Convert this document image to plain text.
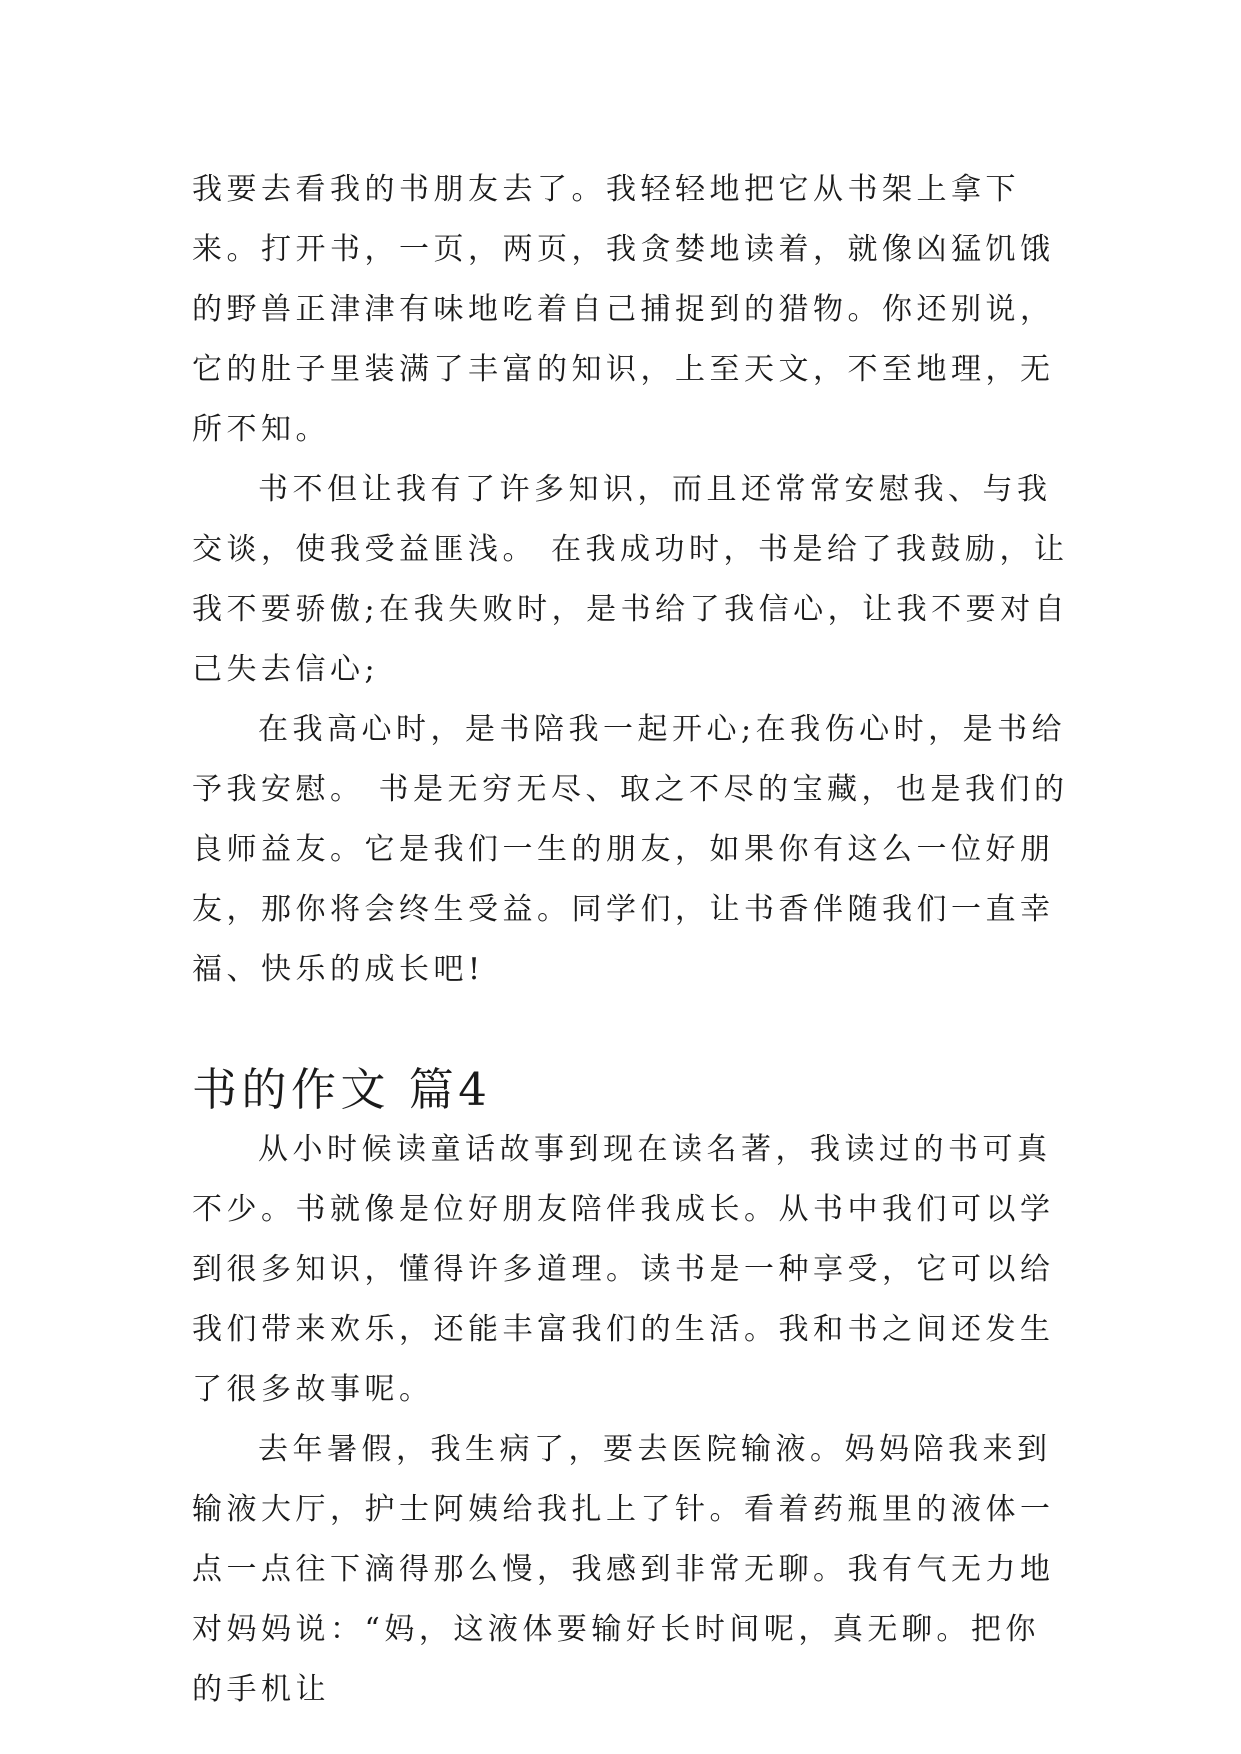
我要去看我的书朋友去了。我轻轻地把它从书架上拿下来。打开书，一页，两页，我贪婪地读着，就像凶猛饥饿的野兽正津津有味地吃着自己捕捉到的猎物。你还别说，它的肚子里装满了丰富的知识，上至天文，不至地理，无所不知。

书不但让我有了许多知识，而且还常常安慰我、与我交谈，使我受益匪浅。 在我成功时，书是给了我鼓励，让我不要骄傲;在我失败时，是书给了我信心，让我不要对自己失去信心;

在我高心时，是书陪我一起开心;在我伤心时，是书给予我安慰。 书是无穷无尽、取之不尽的宝藏，也是我们的良师益友。它是我们一生的朋友，如果你有这么一位好朋友，那你将会终生受益。同学们，让书香伴随我们一直幸福、快乐的成长吧!

书的作文 篇4

从小时候读童话故事到现在读名著，我读过的书可真不少。书就像是位好朋友陪伴我成长。从书中我们可以学到很多知识，懂得许多道理。读书是一种享受，它可以给我们带来欢乐，还能丰富我们的生活。我和书之间还发生了很多故事呢。

去年暑假，我生病了，要去医院输液。妈妈陪我来到输液大厅，护士阿姨给我扎上了针。看着药瓶里的液体一点一点往下滴得那么慢，我感到非常无聊。我有气无力地对妈妈说：“妈，这液体要输好长时间呢，真无聊。把你的手机让
